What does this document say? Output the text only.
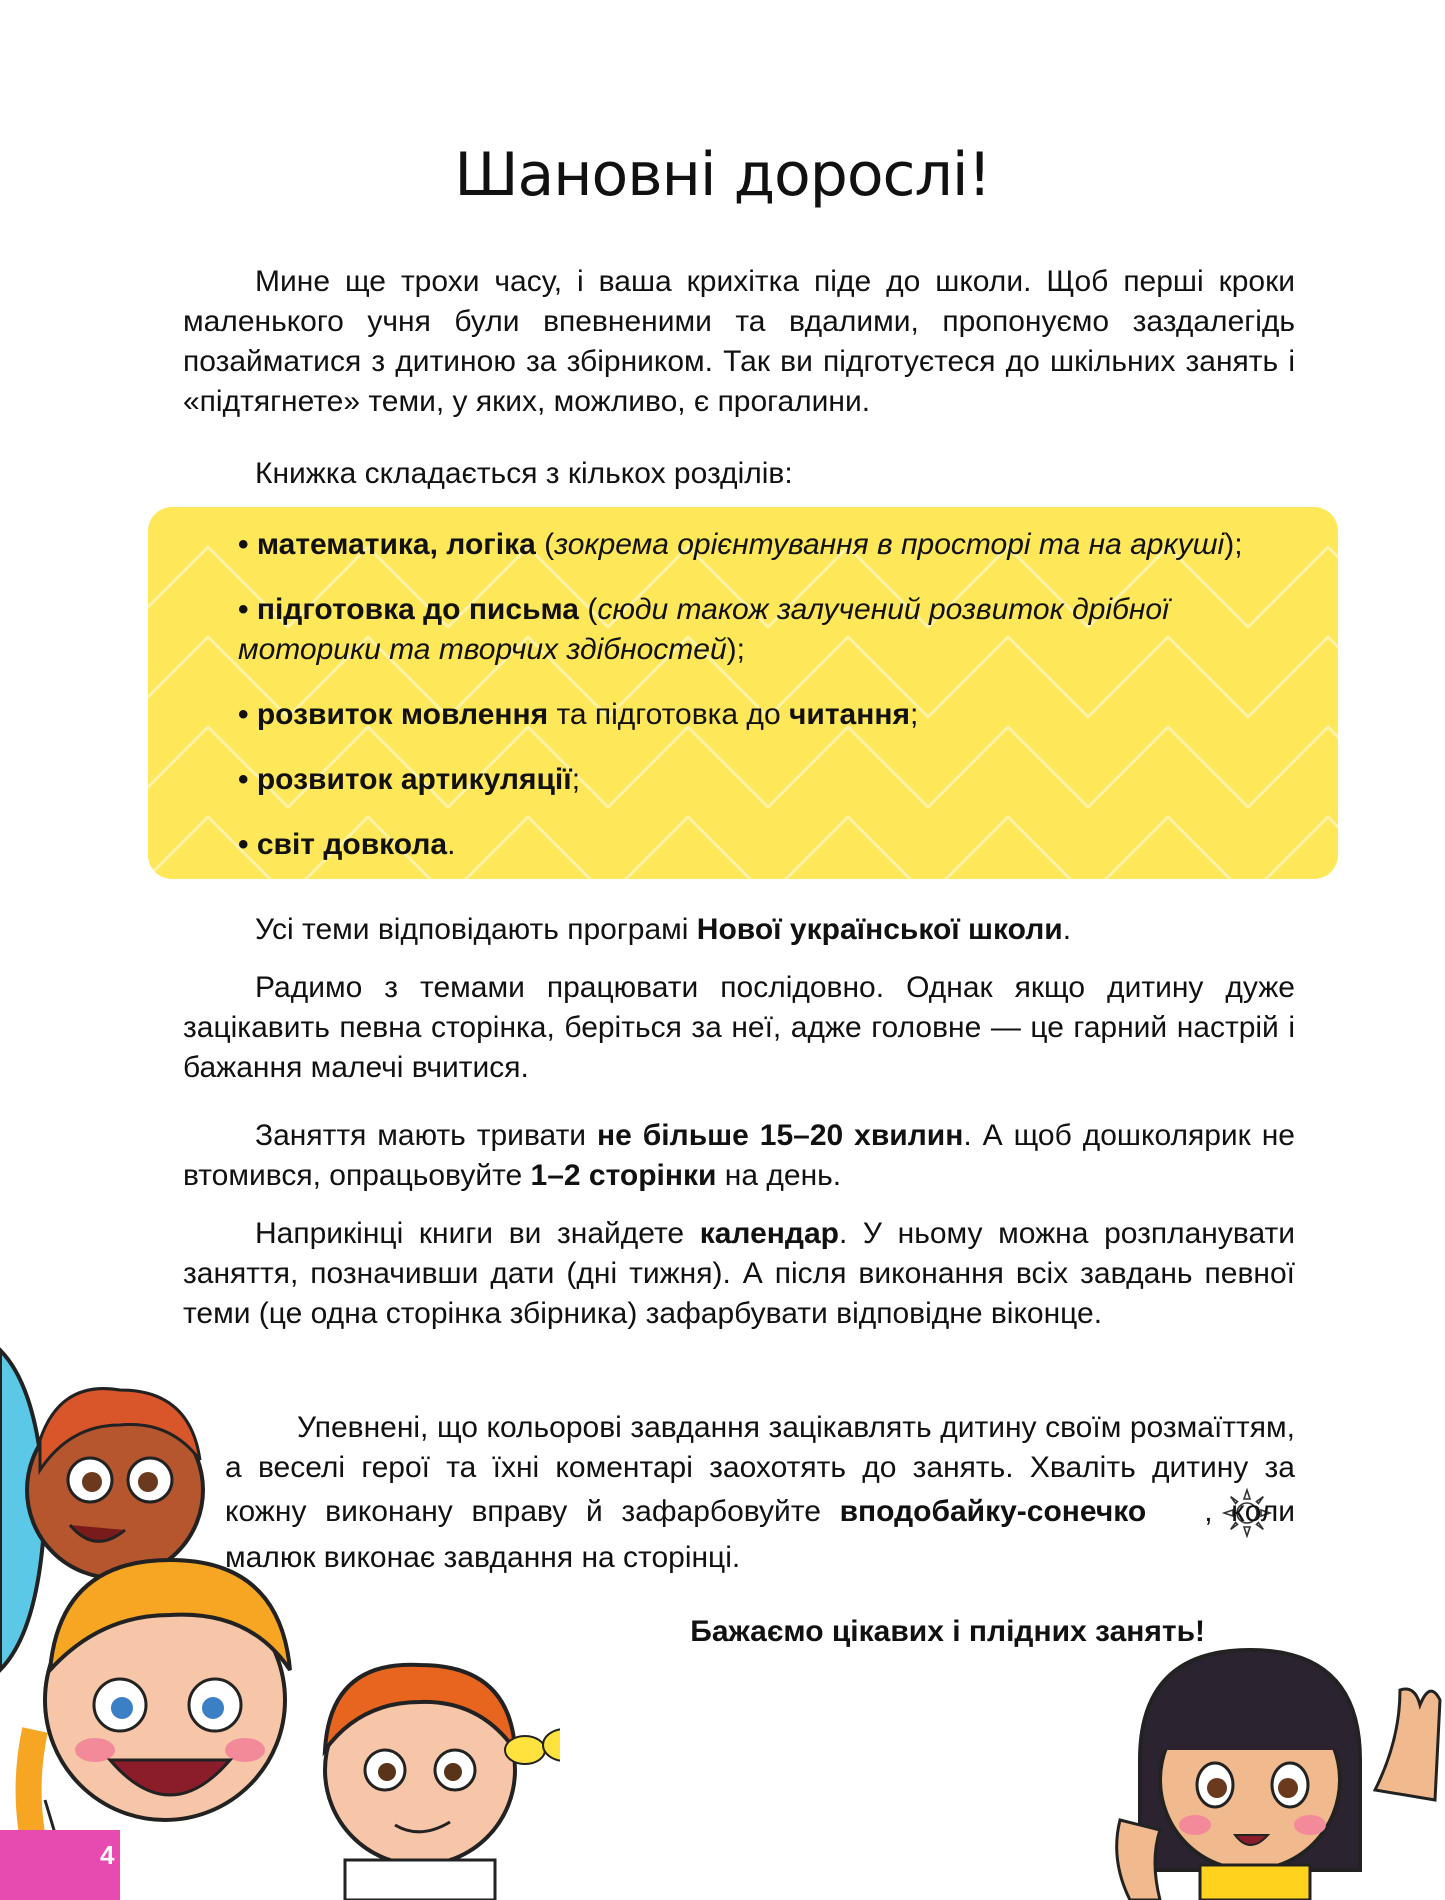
Шановні дорослі!

Мине ще трохи часу, і ваша крихітка піде до школи. Щоб перші кроки маленького учня були впевненими та вдалими, пропонуємо заздалегідь позайматися з дитиною за збірником. Так ви підготуєтеся до шкільних занять і «підтягнете» теми, у яких, можливо, є прогалини.

Книжка складається з кількох розділів:

• математика, логіка (зокрема орієнтування в просторі та на аркуші);

• підготовка до письма (сюди також залучений розвиток дрібної моторики та творчих здібностей);

• розвиток мовлення та підготовка до читання;

• розвиток артикуляції;

• світ довкола.

Усі теми відповідають програмі Нової української школи.

Радимо з темами працювати послідовно. Однак якщо дитину дуже зацікавить певна сторінка, беріться за неї, адже головне — це гарний настрій і бажання малечі вчитися.

Заняття мають тривати не більше 15–20 хвилин. А щоб дошколярик не втомився, опрацьовуйте 1–2 сторінки на день.

Наприкінці книги ви знайдете календар. У ньому можна розпланувати заняття, позначивши дати (дні тижня). А після виконання всіх завдань певної теми (це одна сторінка збірника) зафарбувати відповідне віконце.

Упевнені, що кольорові завдання зацікавлять дитину своїм розмаїттям, а веселі герої та їхні коментарі заохотять до занять. Хваліть дитину за кожну виконану вправу й зафарбовуйте вподобайку-сонечко , коли малюк виконає завдання на сторінці.

Бажаємо цікавих і плідних занять!

4
